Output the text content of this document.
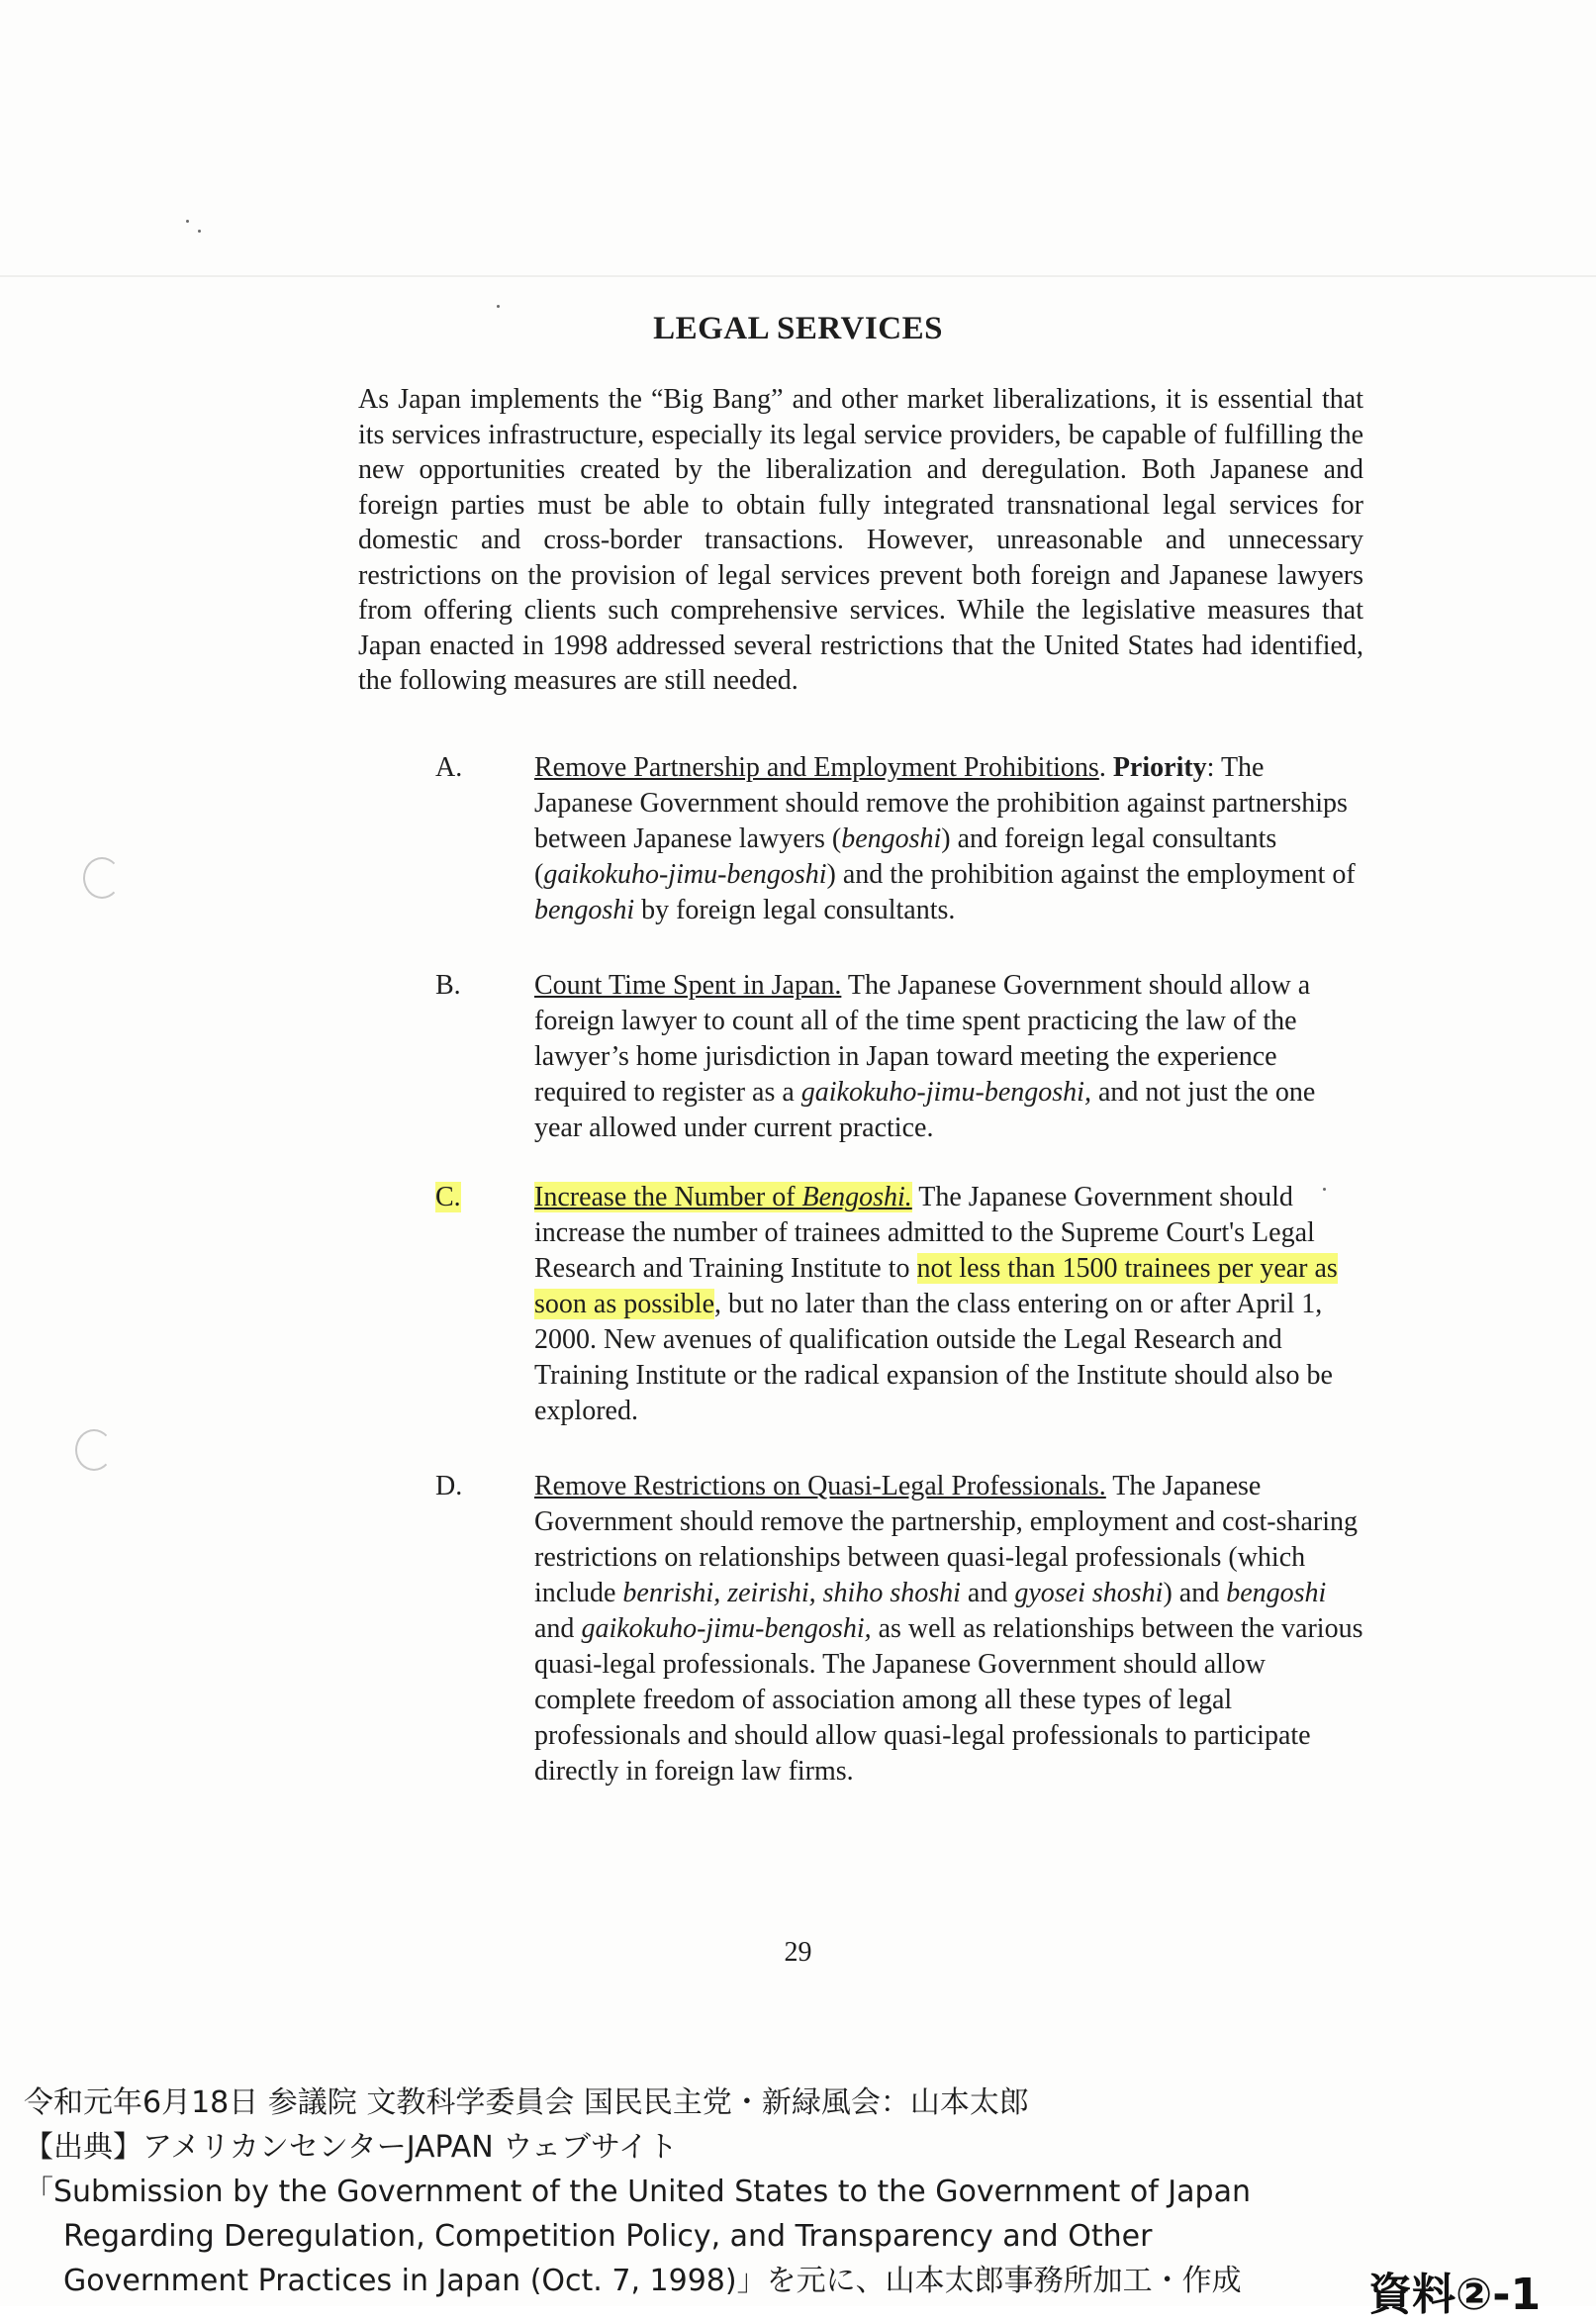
LEGAL SERVICES
As Japan implements the “Big Bang” and other market liberalizations, it is essential that its services infrastructure, especially its legal service providers, be capable of fulfilling the new opportunities created by the liberalization and deregulation. Both Japanese and foreign parties must be able to obtain fully integrated transnational legal services for domestic and cross-border transactions. However, unreasonable and unnecessary restrictions on the provision of legal services prevent both foreign and Japanese lawyers from offering clients such comprehensive services. While the legislative measures that Japan enacted in 1998 addressed several restrictions that the United States had identified, the following measures are still needed.
A.	Remove Partnership and Employment Prohibitions. Priority: The Japanese Government should remove the prohibition against partnerships between Japanese lawyers (bengoshi) and foreign legal consultants (gaikokuho-jimu-bengoshi) and the prohibition against the employment of bengoshi by foreign legal consultants.
B.	Count Time Spent in Japan. The Japanese Government should allow a foreign lawyer to count all of the time spent practicing the law of the lawyer’s home jurisdiction in Japan toward meeting the experience required to register as a gaikokuho-jimu-bengoshi, and not just the one year allowed under current practice.
C.	Increase the Number of Bengoshi. The Japanese Government should increase the number of trainees admitted to the Supreme Court's Legal Research and Training Institute to not less than 1500 trainees per year as soon as possible, but no later than the class entering on or after April 1, 2000. New avenues of qualification outside the Legal Research and Training Institute or the radical expansion of the Institute should also be explored.
D.	Remove Restrictions on Quasi-Legal Professionals. The Japanese Government should remove the partnership, employment and cost-sharing restrictions on relationships between quasi-legal professionals (which include benrishi, zeirishi, shiho shoshi and gyosei shoshi) and bengoshi and gaikokuho-jimu-bengoshi, as well as relationships between the various quasi-legal professionals. The Japanese Government should allow complete freedom of association among all these types of legal professionals and should allow quasi-legal professionals to participate directly in foreign law firms.
29
令和元年6月18日 参議院 文教科学委員会 国民民主党・新緑風会：山本太郎
【出典】アメリカンセンターJAPAN ウェブサイト
「Submission by the Government of the United States to the Government of Japan
Regarding Deregulation, Competition Policy, and Transparency and Other
Government Practices in Japan (Oct. 7, 1998)」を元に、山本太郎事務所加工・作成	資料②-1
